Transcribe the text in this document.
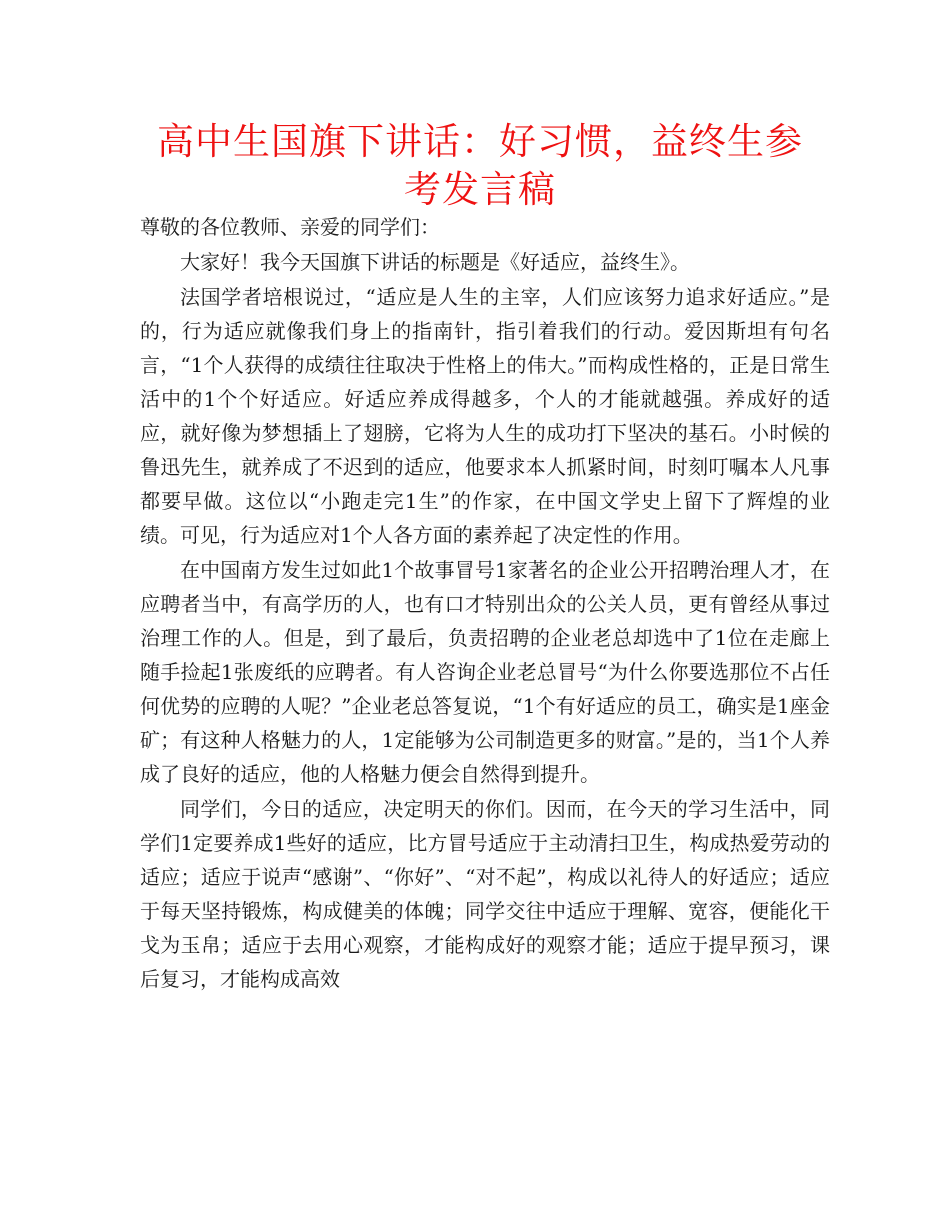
高中生国旗下讲话：好习惯，益终生参考发言稿

尊敬的各位教师、亲爱的同学们：

大家好！我今天国旗下讲话的标题是《好适应，益终生》。

法国学者培根说过，“适应是人生的主宰，人们应该努力追求好适应。”是的，行为适应就像我们身上的指南针，指引着我们的行动。爱因斯坦有句名言，“1个人获得的成绩往往取决于性格上的伟大。”而构成性格的，正是日常生活中的1个个好适应。好适应养成得越多，个人的才能就越强。养成好的适应，就好像为梦想插上了翅膀，它将为人生的成功打下坚决的基石。小时候的鲁迅先生，就养成了不迟到的适应，他要求本人抓紧时间，时刻叮嘱本人凡事都要早做。这位以“小跑走完1生”的作家，在中国文学史上留下了辉煌的业绩。可见，行为适应对1个人各方面的素养起了决定性的作用。

在中国南方发生过如此1个故事冒号1家著名的企业公开招聘治理人才，在应聘者当中，有高学历的人，也有口才特别出众的公关人员，更有曾经从事过治理工作的人。但是，到了最后，负责招聘的企业老总却选中了1位在走廊上随手捡起1张废纸的应聘者。有人咨询企业老总冒号“为什么你要选那位不占任何优势的应聘的人呢？”企业老总答复说，“1个有好适应的员工，确实是1座金矿；有这种人格魅力的人，1定能够为公司制造更多的财富。”是的，当1个人养成了良好的适应，他的人格魅力便会自然得到提升。

同学们，今日的适应，决定明天的你们。因而，在今天的学习生活中，同学们1定要养成1些好的适应，比方冒号适应于主动清扫卫生，构成热爱劳动的适应；适应于说声“感谢”、“你好”、“对不起”，构成以礼待人的好适应；适应于每天坚持锻炼，构成健美的体魄；同学交往中适应于理解、宽容，便能化干戈为玉帛；适应于去用心观察，才能构成好的观察才能；适应于提早预习，课后复习，才能构成高效
